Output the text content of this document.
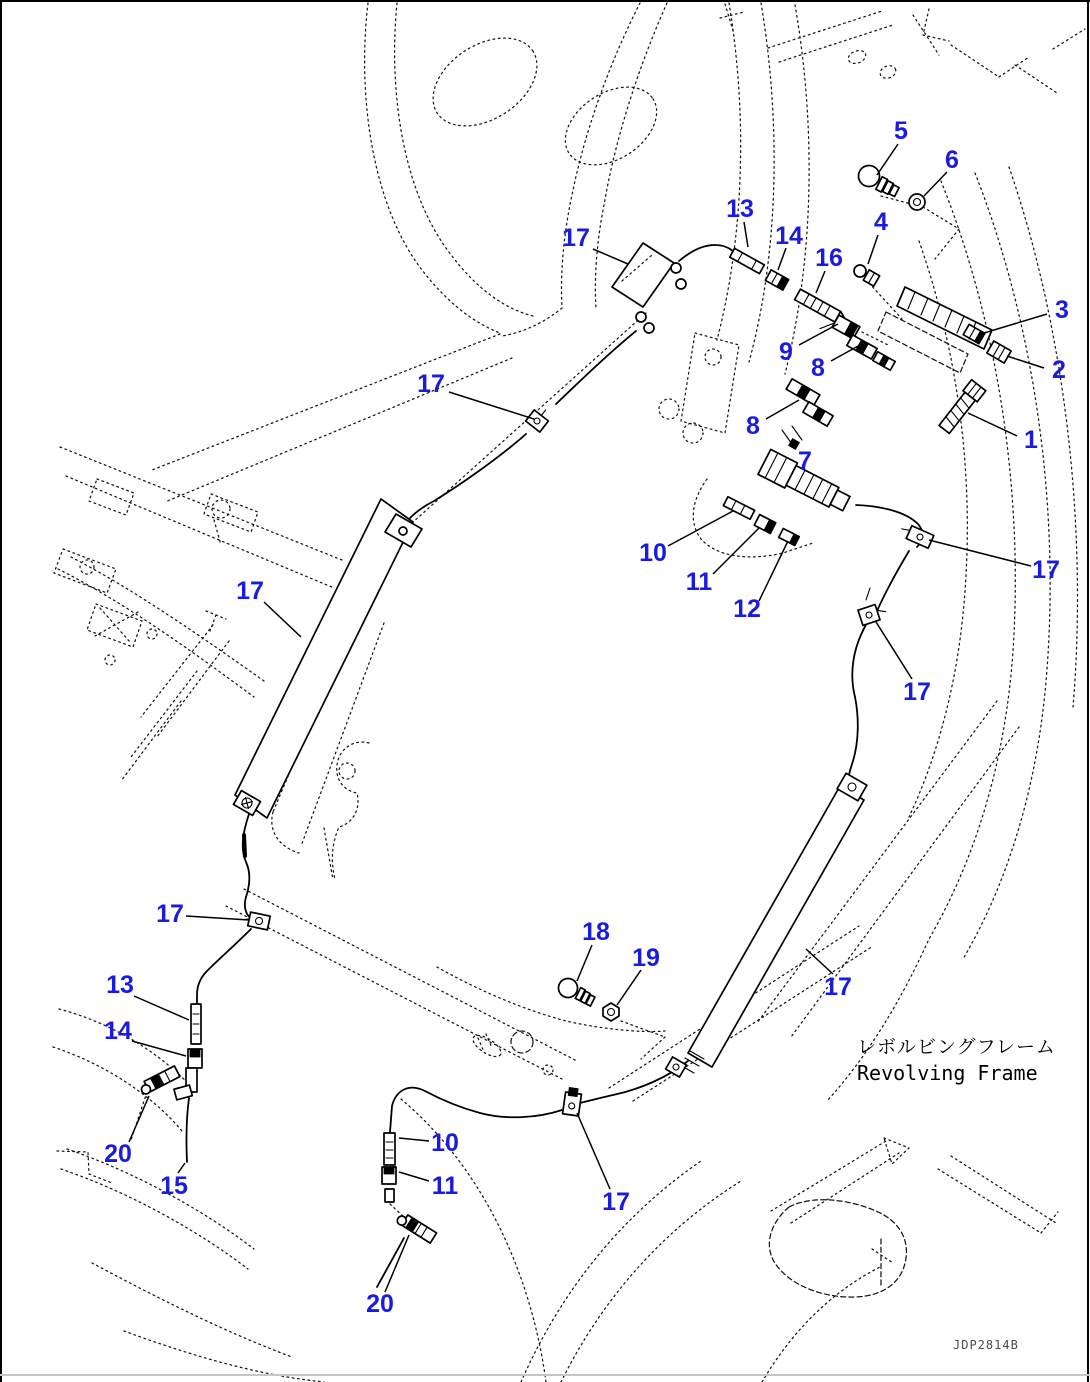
5
6
13
14	4
16
17
9
8
3
2
1
8
7
17
10
11
12
17
17
17
17
13
14
20
15
18
19
17
10
11
17
20
レボルビングフレーム
Revolving Frame
JDP2814B
